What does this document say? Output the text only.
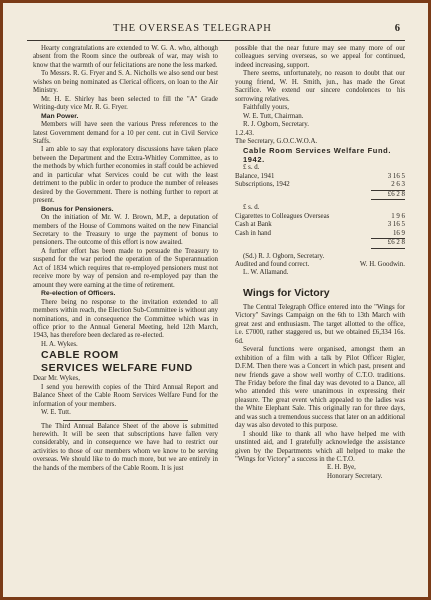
THE OVERSEAS TELEGRAPH	6

Hearty congratulations are extended to W. G. A. who, although absent from the Room since the outbreak of war, may wish to know that the warmth of our felicitations are none the less marked.

To Messrs. R. G. Fryer and S. A. Nicholls we also send our best wishes on being nominated as Clerical officers, on loan to the Air Ministry.

Mr. H. E. Shirley has been selected to fill the "A" Grade Writing-duty vice Mr. R. G. Fryer.

Man Power.

Members will have seen the various Press references to the latest Government demand for a 10 per cent. cut in Civil Service Staffs.

I am able to say that exploratory discussions have taken place between the Department and the Extra-Whitley Committee, as to the methods by which further economies in staff could be achieved and in particular what Services could be cut with the least detriment to the public in order to produce the number of releases desired by the Government. There is nothing further to report at present.

Bonus for Pensioners.

On the initiation of Mr. W. J. Brown, M.P., a deputation of members of the House of Commons waited on the new Financial Secretary to the Treasury to urge the payment of bonus to pensioners. The outcome of this effort is now awaited.

A further effort has been made to persuade the Treasury to suspend for the war period the operation of the Superannuation Act of 1834 which requires that re-employed pensioners must not receive more by way of pension and re-employed pay than the amount they were earning at the time of retirement.

Re-election of Officers.

There being no response to the invitation extended to all members within reach, the Election Sub-Committee is without any nominations, and in consequence the Committee which was in office prior to the Annual General Meeting, held 12th March, 1943, has therefore been declared as re-elected.

H. A. Wykes.

CABLE ROOM

SERVICES WELFARE FUND

Dear Mr. Wykes,

I send you herewith copies of the Third Annual Report and Balance Sheet of the Cable Room Services Welfare Fund for the information of your members.

W. E. Tutt.

The Third Annual Balance Sheet of the above is submitted herewith. It will be seen that subscriptions have fallen very considerably, and in consequence we have had to restrict our activities to those of our members whom we know to be serving overseas. We should like to do much more, but we are entirely in the hands of the members of the Cable Room. It is just

possible that the near future may see many more of our colleagues serving overseas, so we appeal for continued, indeed increasing, support.

There seems, unfortunately, no reason to doubt that our young friend, W. H. Smith, jun., has made the Great Sacrifice. We extend our sincere condolences to his sorrowing relatives.

Faithfully yours,

W. E. Tutt, Chairman.

R. J. Ogborn, Secretary.

1.2.43.

The Secretary, G.O.C.W.O.A.

Cable Room Services Welfare Fund.

1942.

£ s. d.

Balance, 1941	3 16 5
Subscriptions, 1942	2 6 3
£6 2 8

£ s. d.

Cigarettes to Colleagues Overseas	1 9 6
Cash at Bank	3 16 5
Cash in hand	16 9
£6 2 8

(Sd.) R. J. Ogborn, Secretary.

Audited and found correct.	W. H. Goodwin.

L. W. Allamand.

Wings for Victory

The Central Telegraph Office entered into the "Wings for Victory" Savings Campaign on the 6th to 13th March with great zest and enthusiasm. The target allotted to the office, i.e. £7000, rather staggered us, but we obtained £6,334 16s. 6d.

Several functions were organised, amongst them an exhibition of a film with a talk by Pilot Officer Rigler, D.F.M. Then there was a Concert in which past, present and new friends gave a show well worthy of C.T.O. traditions. The Friday before the final day was devoted to a Dance, all who attended this were unanimous in expressing their pleasure. The great event which appealed to the ladies was the White Elephant Sale. This originally ran for three days, and was such a tremendous success that later on an additional day was also devoted to this purpose.

I should like to thank all who have helped me with unstinted aid, and I gratefully acknowledge the assistance given by the Departments which all helped to make the "Wings for Victory" a success in the C.T.O.

E. H. Bye,

Honorary Secretary.
